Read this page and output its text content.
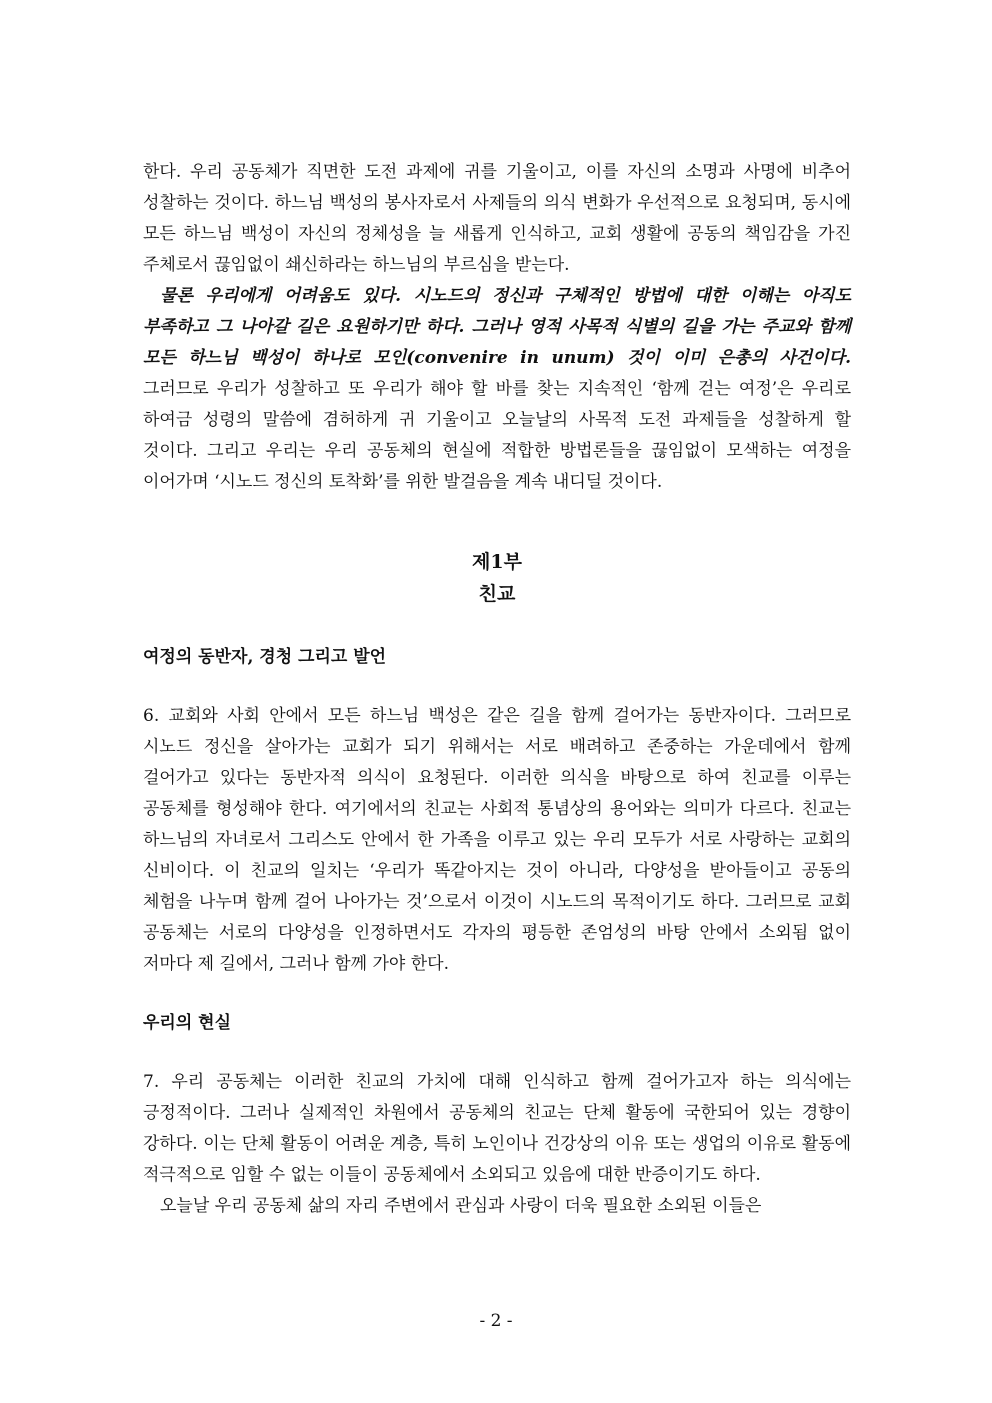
한다. 우리 공동체가 직면한 도전 과제에 귀를 기울이고, 이를 자신의 소명과 사명에 비추어 성찰하는 것이다. 하느님 백성의 봉사자로서 사제들의 의식 변화가 우선적으로 요청되며, 동시에 모든 하느님 백성이 자신의 정체성을 늘 새롭게 인식하고, 교회 생활에 공동의 책임감을 가진 주체로서 끊임없이 쇄신하라는 하느님의 부르심을 받는다.

물론 우리에게 어려움도 있다. 시노드의 정신과 구체적인 방법에 대한 이해는 아직도 부족하고 그 나아갈 길은 요원하기만 하다. 그러나 영적 사목적 식별의 길을 가는 주교와 함께 모든 하느님 백성이 하나로 모인(convenire in unum) 것이 이미 은총의 사건이다. 그러므로 우리가 성찰하고 또 우리가 해야 할 바를 찾는 지속적인 ‘함께 걷는 여정’은 우리로 하여금 성령의 말씀에 겸허하게 귀 기울이고 오늘날의 사목적 도전 과제들을 성찰하게 할 것이다. 그리고 우리는 우리 공동체의 현실에 적합한 방법론들을 끊임없이 모색하는 여정을 이어가며 ‘시노드 정신의 토착화’를 위한 발걸음을 계속 내디딜 것이다.

제1부

친교

여정의 동반자, 경청 그리고 발언

6. 교회와 사회 안에서 모든 하느님 백성은 같은 길을 함께 걸어가는 동반자이다. 그러므로 시노드 정신을 살아가는 교회가 되기 위해서는 서로 배려하고 존중하는 가운데에서 함께 걸어가고 있다는 동반자적 의식이 요청된다. 이러한 의식을 바탕으로 하여 친교를 이루는 공동체를 형성해야 한다. 여기에서의 친교는 사회적 통념상의 용어와는 의미가 다르다. 친교는 하느님의 자녀로서 그리스도 안에서 한 가족을 이루고 있는 우리 모두가 서로 사랑하는 교회의 신비이다. 이 친교의 일치는 ‘우리가 똑같아지는 것이 아니라, 다양성을 받아들이고 공동의 체험을 나누며 함께 걸어 나아가는 것’으로서 이것이 시노드의 목적이기도 하다. 그러므로 교회 공동체는 서로의 다양성을 인정하면서도 각자의 평등한 존엄성의 바탕 안에서 소외됨 없이 저마다 제 길에서, 그러나 함께 가야 한다.

우리의 현실

7. 우리 공동체는 이러한 친교의 가치에 대해 인식하고 함께 걸어가고자 하는 의식에는 긍정적이다. 그러나 실제적인 차원에서 공동체의 친교는 단체 활동에 국한되어 있는 경향이 강하다. 이는 단체 활동이 어려운 계층, 특히 노인이나 건강상의 이유 또는 생업의 이유로 활동에 적극적으로 임할 수 없는 이들이 공동체에서 소외되고 있음에 대한 반증이기도 하다.

오늘날 우리 공동체 삶의 자리 주변에서 관심과 사랑이 더욱 필요한 소외된 이들은

- 2 -
